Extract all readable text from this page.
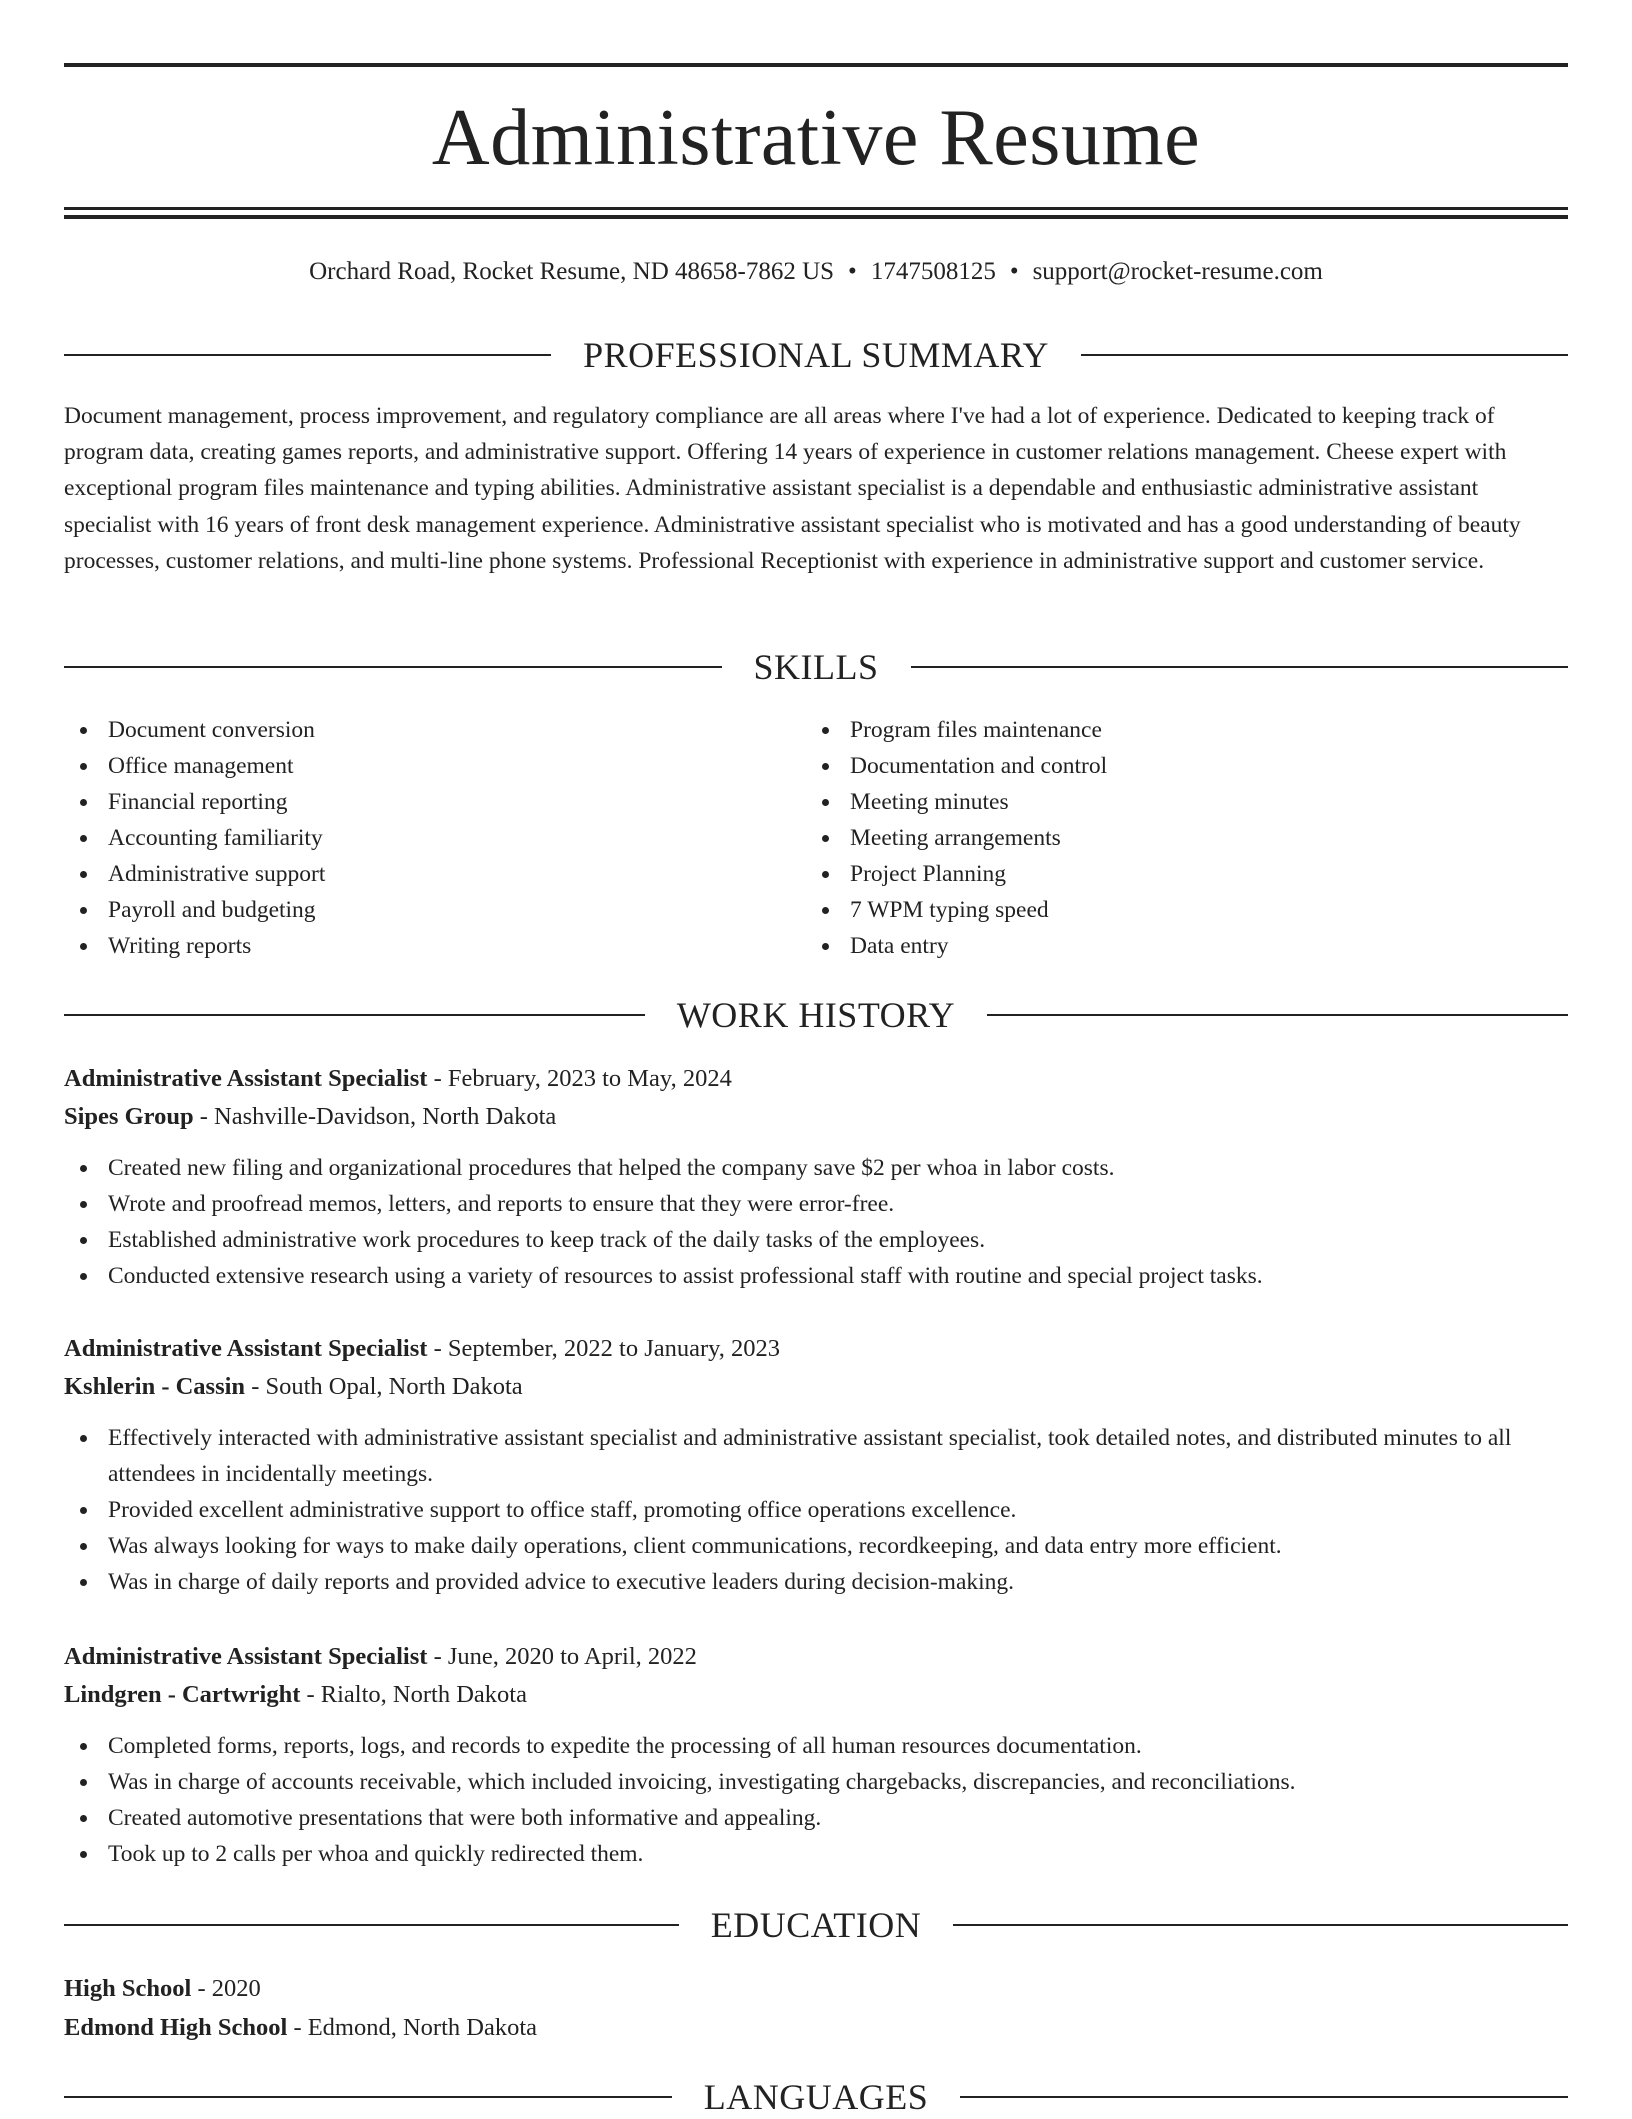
Administrative Resume
Orchard Road, Rocket Resume, ND 48658-7862 US • 1747508125 • support@rocket-resume.com
PROFESSIONAL SUMMARY
Document management, process improvement, and regulatory compliance are all areas where I've had a lot of experience. Dedicated to keeping track of program data, creating games reports, and administrative support. Offering 14 years of experience in customer relations management. Cheese expert with exceptional program files maintenance and typing abilities. Administrative assistant specialist is a dependable and enthusiastic administrative assistant specialist with 16 years of front desk management experience. Administrative assistant specialist who is motivated and has a good understanding of beauty processes, customer relations, and multi-line phone systems. Professional Receptionist with experience in administrative support and customer service.
SKILLS
Document conversion
Office management
Financial reporting
Accounting familiarity
Administrative support
Payroll and budgeting
Writing reports
Program files maintenance
Documentation and control
Meeting minutes
Meeting arrangements
Project Planning
7 WPM typing speed
Data entry
WORK HISTORY
Administrative Assistant Specialist - February, 2023 to May, 2024
Sipes Group - Nashville-Davidson, North Dakota
Created new filing and organizational procedures that helped the company save $2 per whoa in labor costs.
Wrote and proofread memos, letters, and reports to ensure that they were error-free.
Established administrative work procedures to keep track of the daily tasks of the employees.
Conducted extensive research using a variety of resources to assist professional staff with routine and special project tasks.
Administrative Assistant Specialist - September, 2022 to January, 2023
Kshlerin - Cassin - South Opal, North Dakota
Effectively interacted with administrative assistant specialist and administrative assistant specialist, took detailed notes, and distributed minutes to all attendees in incidentally meetings.
Provided excellent administrative support to office staff, promoting office operations excellence.
Was always looking for ways to make daily operations, client communications, recordkeeping, and data entry more efficient.
Was in charge of daily reports and provided advice to executive leaders during decision-making.
Administrative Assistant Specialist - June, 2020 to April, 2022
Lindgren - Cartwright - Rialto, North Dakota
Completed forms, reports, logs, and records to expedite the processing of all human resources documentation.
Was in charge of accounts receivable, which included invoicing, investigating chargebacks, discrepancies, and reconciliations.
Created automotive presentations that were both informative and appealing.
Took up to 2 calls per whoa and quickly redirected them.
EDUCATION
High School - 2020
Edmond High School - Edmond, North Dakota
LANGUAGES
